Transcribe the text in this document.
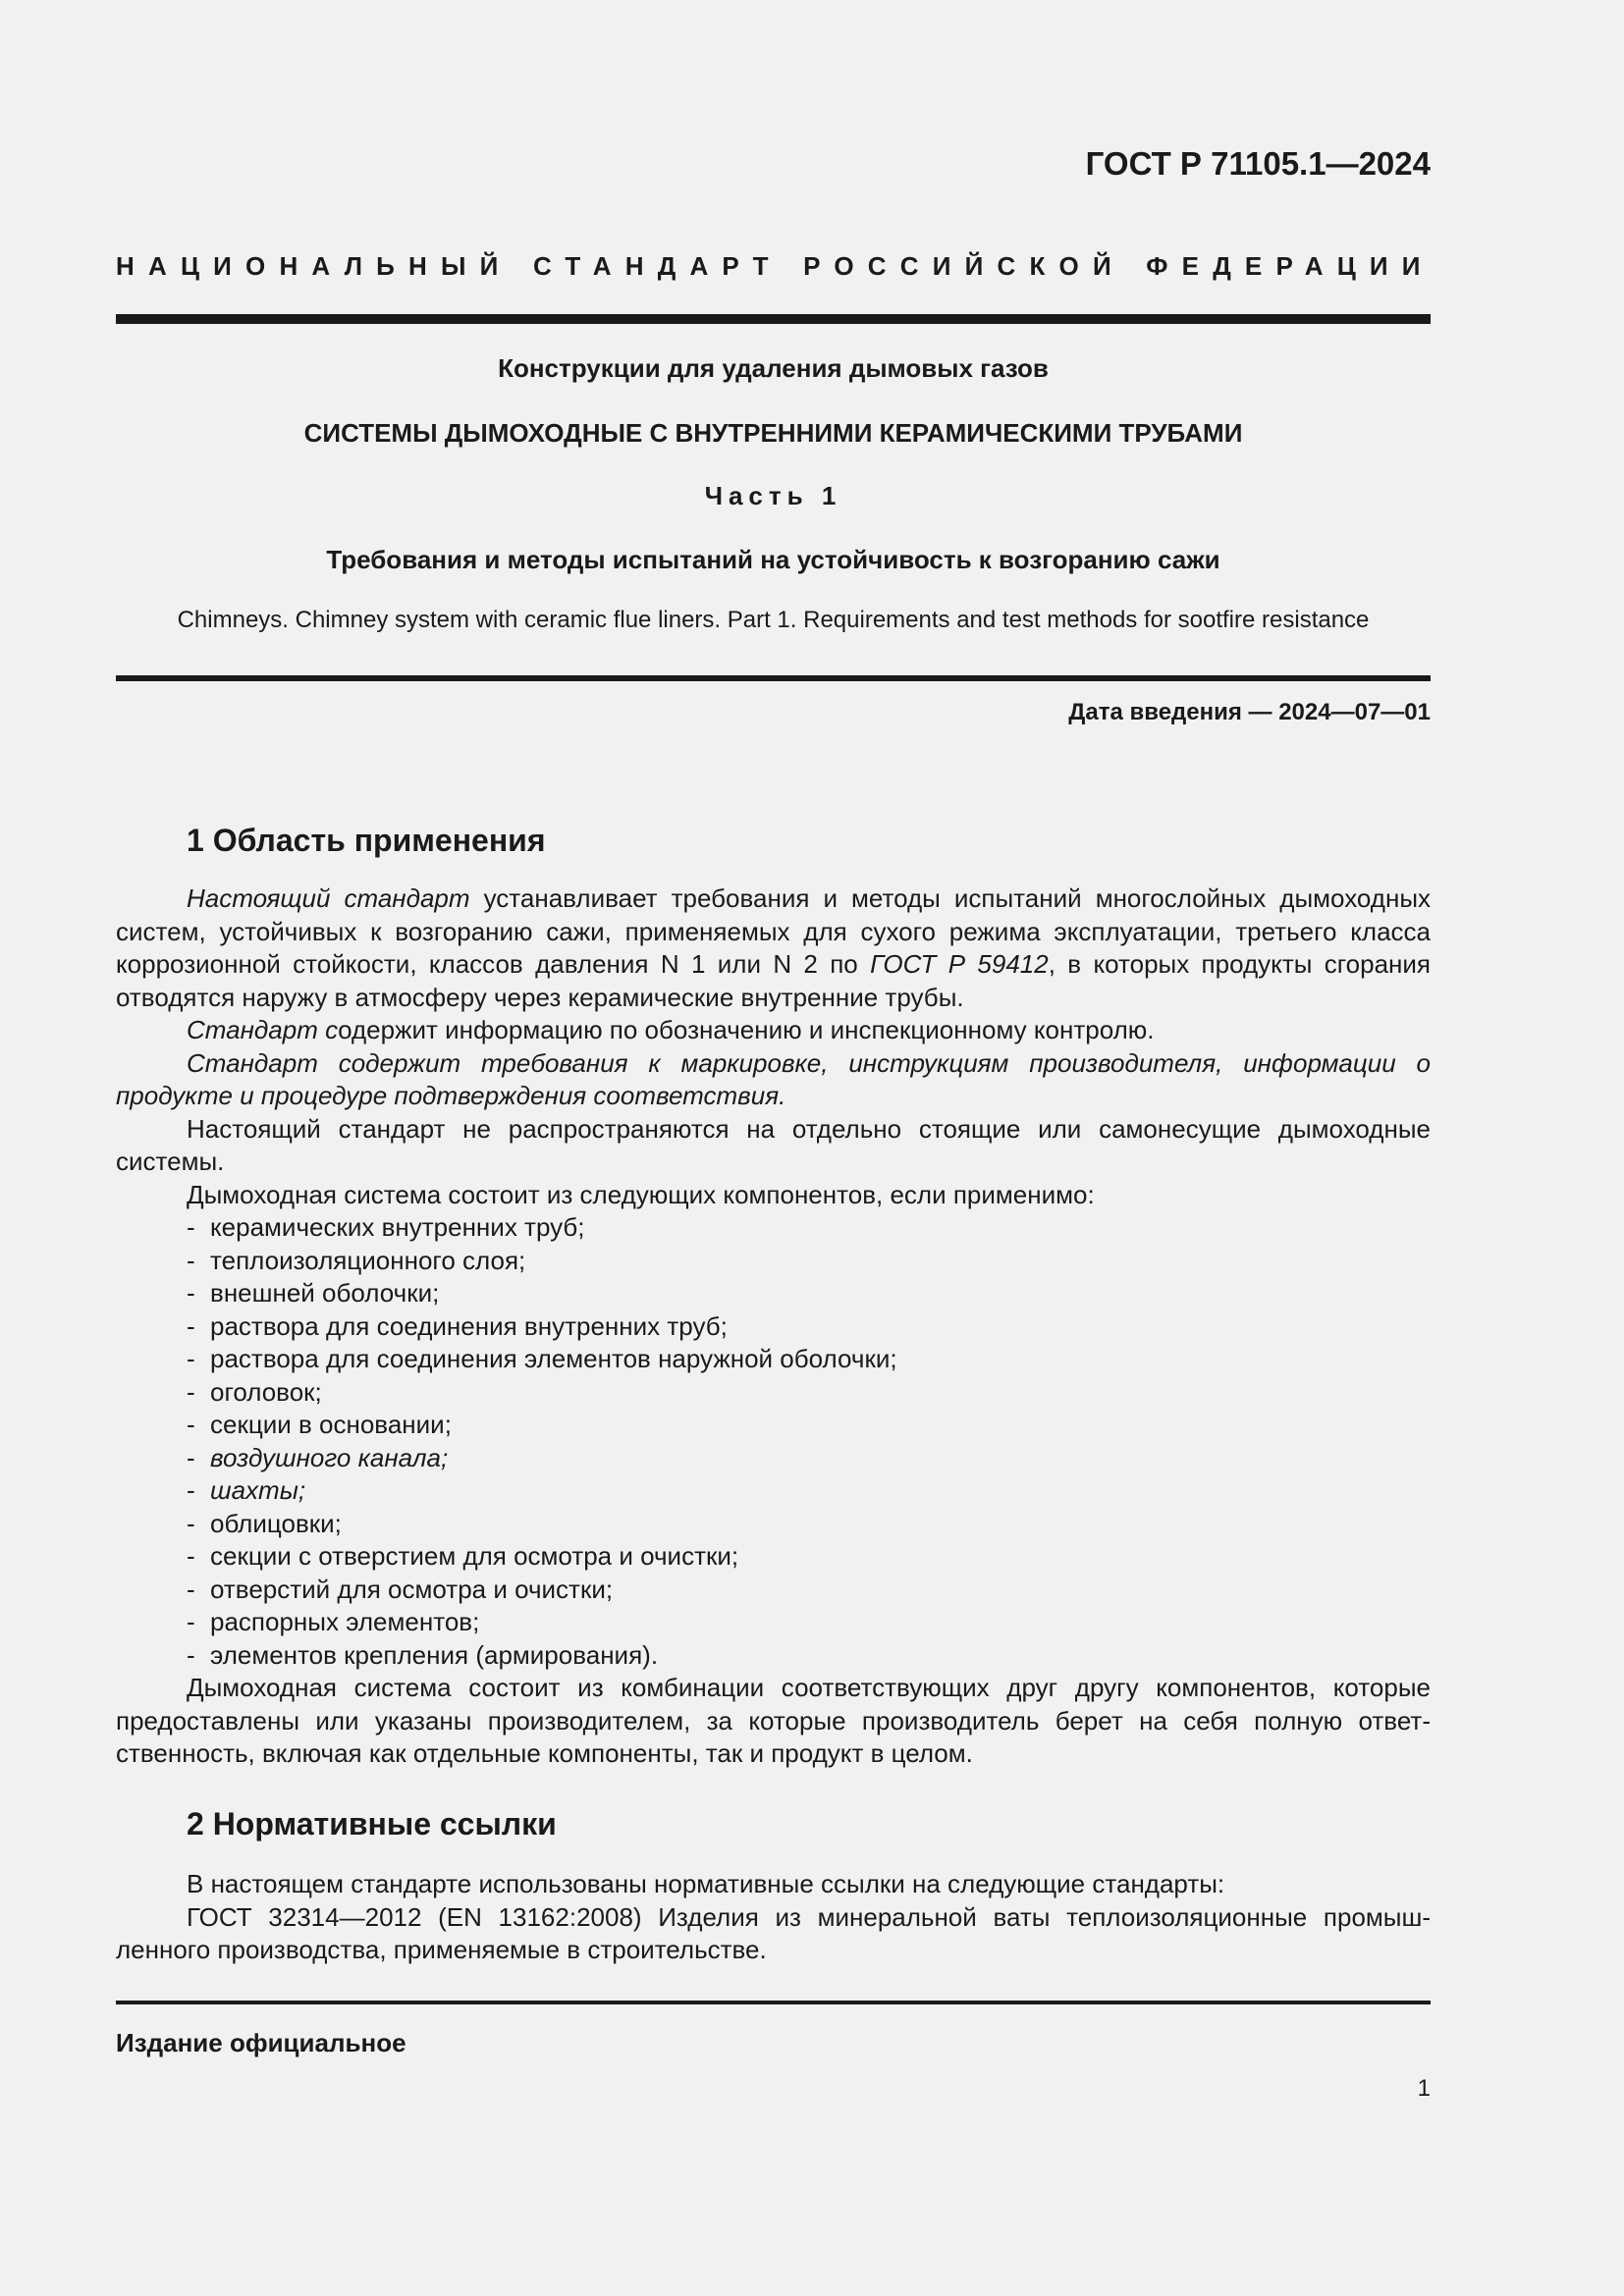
ГОСТ Р 71105.1—2024
НАЦИОНАЛЬНЫЙ СТАНДАРТ РОССИЙСКОЙ ФЕДЕРАЦИИ
Конструкции для удаления дымовых газов
СИСТЕМЫ ДЫМОХОДНЫЕ С ВНУТРЕННИМИ КЕРАМИЧЕСКИМИ ТРУБАМИ
Часть 1
Требования и методы испытаний на устойчивость к возгоранию сажи
Chimneys. Chimney system with ceramic flue liners. Part 1. Requirements and test methods for sootfire resistance
Дата введения — 2024—07—01
1 Область применения

Настоящий стандарт устанавливает требования и методы испытаний многослойных дымоходных систем, устойчивых к возгоранию сажи, применяемых для сухого режима эксплуатации, третьего класса коррозионной стойкости, классов давления N 1 или N 2 по ГОСТ Р 59412, в которых продукты сгорания отводятся наружу в атмосферу через керамические внутренние трубы.

Стандарт содержит информацию по обозначению и инспекционному контролю.

Стандарт содержит требования к маркировке, инструкциям производителя, информации о продукте и процедуре подтверждения соответствия.

Настоящий стандарт не распространяются на отдельно стоящие или самонесущие дымоходные системы.

Дымоходная система состоит из следующих компонентов, если применимо:

- керамических внутренних труб;

- теплоизоляционного слоя;

- внешней оболочки;

- раствора для соединения внутренних труб;

- раствора для соединения элементов наружной оболочки;

- оголовок;

- секции в основании;

- воздушного канала;

- шахты;

- облицовки;

- секции с отверстием для осмотра и очистки;

- отверстий для осмотра и очистки;

- распорных элементов;

- элементов крепления (армирования).

Дымоходная система состоит из комбинации соответствующих друг другу компонентов, которые предоставлены или указаны производителем, за которые производитель берет на себя полную ответственность, включая как отдельные компоненты, так и продукт в целом.

2 Нормативные ссылки

В настоящем стандарте использованы нормативные ссылки на следующие стандарты:

ГОСТ 32314—2012 (EN 13162:2008) Изделия из минеральной ваты теплоизоляционные промышленного производства, применяемые в строительстве.

Издание официальное
1
